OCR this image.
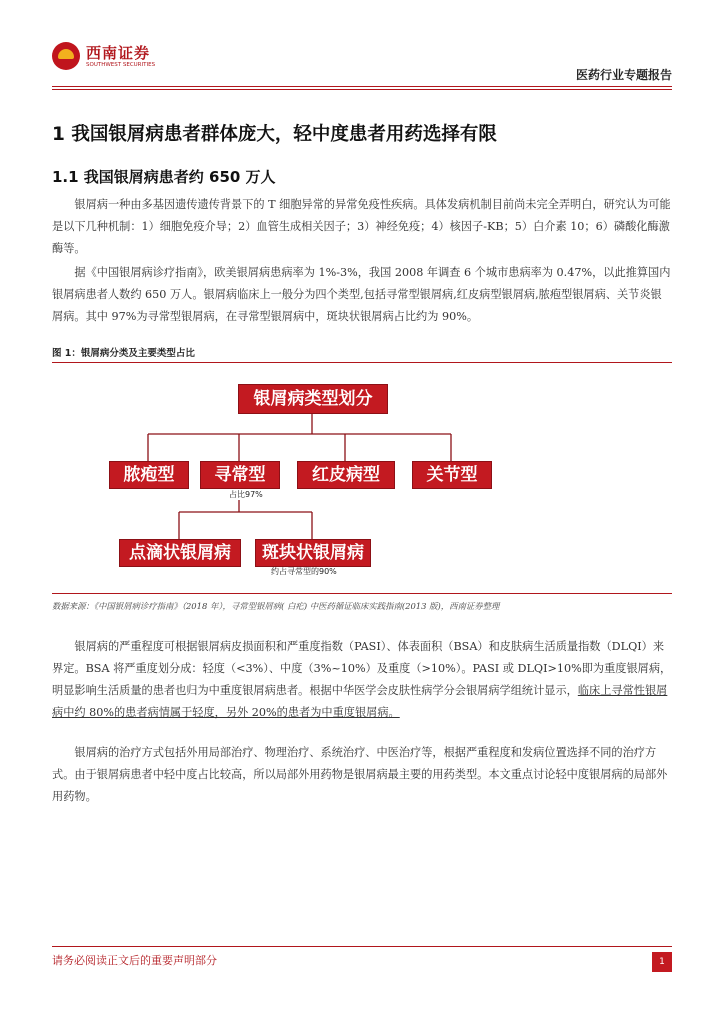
西南证券
SOUTHWEST SECURITIES
医药行业专题报告
1 我国银屑病患者群体庞大，轻中度患者用药选择有限
1.1 我国银屑病患者约 650 万人
银屑病一种由多基因遗传遗传背景下的 T 细胞异常的异常免疫性疾病。具体发病机制目前尚未完全弄明白，研究认为可能是以下几种机制：1）细胞免疫介导；2）血管生成相关因子；3）神经免疫；4）核因子-KB；5）白介素 10；6）磷酸化酶激酶等。
据《中国银屑病诊疗指南》，欧美银屑病患病率为 1%-3%，我国 2008 年调查 6 个城市患病率为 0.47%，以此推算国内银屑病患者人数约 650 万人。银屑病临床上一般分为四个类型,包括寻常型银屑病,红皮病型银屑病,脓疱型银屑病、关节炎银屑病。其中 97%为寻常型银屑病，在寻常型银屑病中，斑块状银屑病占比约为 90%。
图 1：银屑病分类及主要类型占比
银屑病类型划分
脓疱型	寻常型	红皮病型	关节型
占比97%
点滴状银屑病	斑块状银屑病
约占寻常型的90%
数据来源：《中国银屑病诊疗指南》（2018 年），寻常型银屑病( 白疕) 中医药循证临床实践指南(2013 版)，西南证券整理
银屑病的严重程度可根据银屑病皮损面积和严重度指数（PASI）、体表面积（BSA）和皮肤病生活质量指数（DLQI）来界定。BSA 将严重度划分成：轻度（<3%）、中度（3%~10%）及重度（>10%）。PASI 或 DLQI>10%即为重度银屑病，明显影响生活质量的患者也归为中重度银屑病患者。根据中华医学会皮肤性病学分会银屑病学组统计显示，临床上寻常性银屑病中约 80%的患者病情属于轻度，另外 20%的患者为中重度银屑病。
银屑病的治疗方式包括外用局部治疗、物理治疗、系统治疗、中医治疗等，根据严重程度和发病位置选择不同的治疗方式。由于银屑病患者中轻中度占比较高，所以局部外用药物是银屑病最主要的用药类型。本文重点讨论轻中度银屑病的局部外用药物。
请务必阅读正文后的重要声明部分	1
